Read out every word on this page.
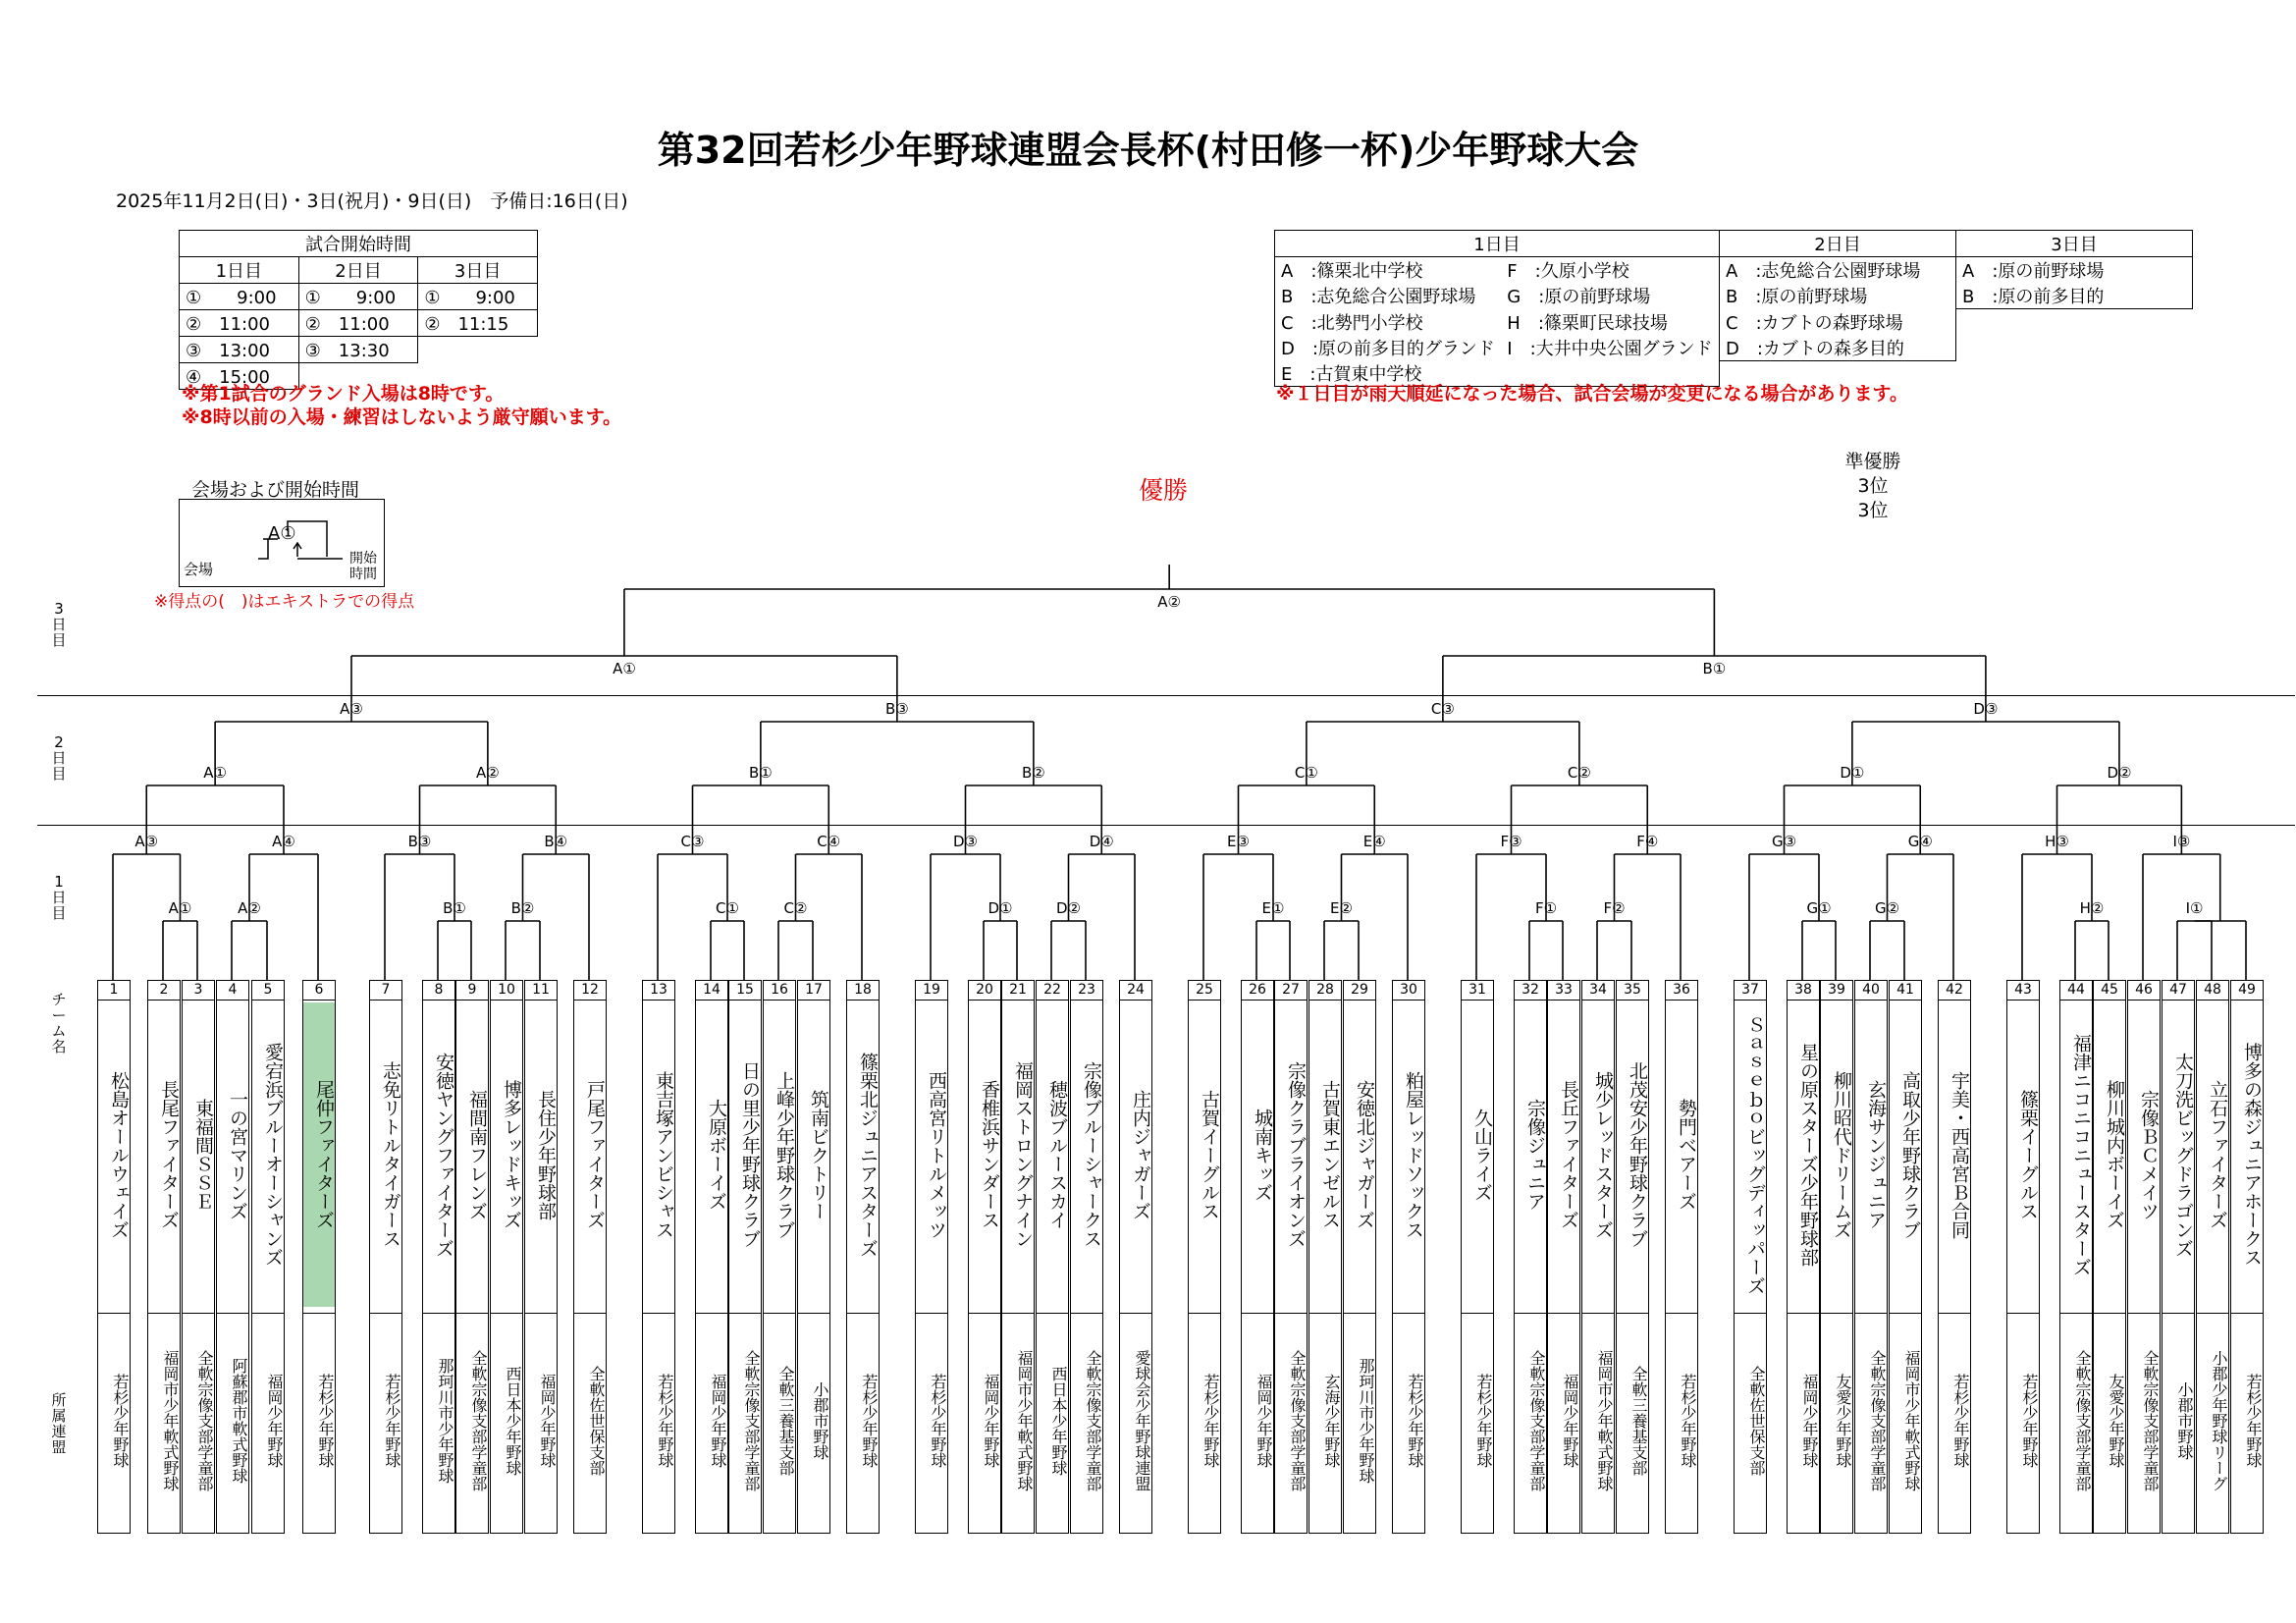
第32回若杉少年野球連盟会長杯(村田修一杯)少年野球大会
2025年11月2日(日)・3日(祝月)・9日(日)　予備日:16日(日)
試合開始時間		
1日目	2日目	3日目
①　　9:00	①　　9:00	①　　9:00
②　11:00	②　11:00	②　11:15
③　13:00	③　13:30	
④　15:00		
※第1試合のグランド入場は8時です。
※8時以前の入場・練習はしないよう厳守願います。
1日目		2日目	3日目
A　:篠栗北中学校	F　:久原小学校	A　:志免総合公園野球場	A　:原の前野球場
B　:志免総合公園野球場	G　:原の前野球場	B　:原の前野球場	B　:原の前多目的
C　:北勢門小学校	H　:篠栗町民球技場	C　:カブトの森野球場	
D　:原の前多目的グランド	I　:大井中央公園グランド	D　:カブトの森多目的	
E　:古賀東中学校			
※１日目が雨天順延になった場合、試合会場が変更になる場合があります。
会場および開始時間
A①
会場
開始時間
※得点の(　)はエキストラでの得点
優勝
準優勝
3位
3位
3日目
2日目
1日目
チーム名
所属連盟
A①
A③
A②
A④
A①
B①
B③
B②
B④
A②
A③
C①
C③
C②
C④
B①
D①
D③
D②
D④
B②
B③
E①
E③
E②
E④
C①
F①
F③
F②
F④
C②
C③
G①
G③
G②
G④
D①
H②
H③
I①
I③
D②
D③
A①	B①
A②
1
松島オールウェイズ
若杉少年野球
2
長尾ファイターズ
福岡市少年軟式野球
3
東福間ＳＳＥ
全軟宗像支部学童部
4
一の宮マリンズ
阿蘇郡市軟式野球
5
愛宕浜ブルーオーシャンズ
福岡少年野球
6
尾仲ファイターズ
若杉少年野球
7
志免リトルタイガース
若杉少年野球
8
安徳ヤングファイターズ
那珂川市少年野球
9
福間南フレンズ
全軟宗像支部学童部
10
博多レッドキッズ
西日本少年野球
11
長住少年野球部
福岡少年野球
12
戸尾ファイターズ
全軟佐世保支部
13
東吉塚アンビシャス
若杉少年野球
14
大原ボーイズ
福岡少年野球
15
日の里少年野球クラブ
全軟宗像支部学童部
16
上峰少年野球クラブ
全軟三養基支部
17
筑南ビクトリー
小郡市野球
18
篠栗北ジュニアスターズ
若杉少年野球
19
西高宮リトルメッツ
若杉少年野球
20
香椎浜サンダース
福岡少年野球
21
福岡ストロングナイン
福岡市少年軟式野球
22
穂波ブルースカイ
西日本少年野球
23
宗像ブルーシャークス
全軟宗像支部学童部
24
庄内ジャガーズ
愛球会少年野球連盟
25
古賀イーグルス
若杉少年野球
26
城南キッズ
福岡少年野球
27
宗像クラブライオンズ
全軟宗像支部学童部
28
古賀東エンゼルス
玄海少年野球
29
安徳北ジャガーズ
那珂川市少年野球
30
粕屋レッドソックス
若杉少年野球
31
久山ライズ
若杉少年野球
32
宗像ジュニア
全軟宗像支部学童部
33
長丘ファイターズ
福岡少年野球
34
城少レッドスターズ
福岡市少年軟式野球
35
北茂安少年野球クラブ
全軟三養基支部
36
勢門ベアーズ
若杉少年野球
37
Ｓａｓｅｂｏビッグディッパーズ
全軟佐世保支部
38
星の原スターズ少年野球部
福岡少年野球
39
柳川昭代ドリームズ
友愛少年野球
40
玄海サンジュニア
全軟宗像支部学童部
41
高取少年野球クラブ
福岡市少年軟式野球
42
宇美・西高宮Ｂ合同
若杉少年野球
43
篠栗イーグルス
若杉少年野球
44
福津ニコニコニュースターズ
全軟宗像支部学童部
45
柳川城内ボーイズ
友愛少年野球
46
宗像ＢＣメイツ
全軟宗像支部学童部
47
太刀洗ビッグドラゴンズ
小郡市野球
48
立石ファイターズ
小郡少年野球リーグ
49
博多の森ジュニアホークス
若杉少年野球
